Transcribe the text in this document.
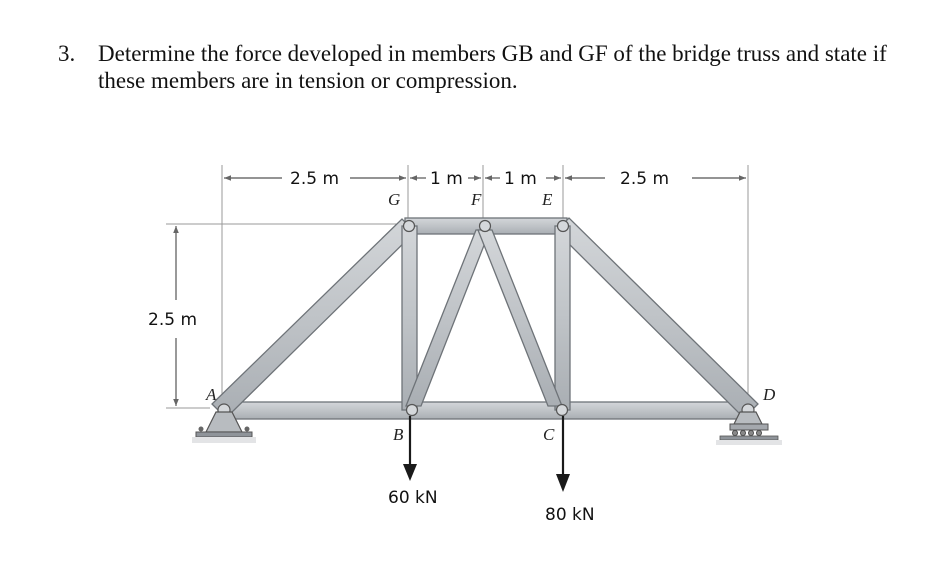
3. Determine the force developed in members GB and GF of the bridge truss and state if these members are in tension or compression.
2.5 m	1 m 1 m	2.5 m
2.5 m
G	F	E
A
B	C
D
60 kN
80 kN
